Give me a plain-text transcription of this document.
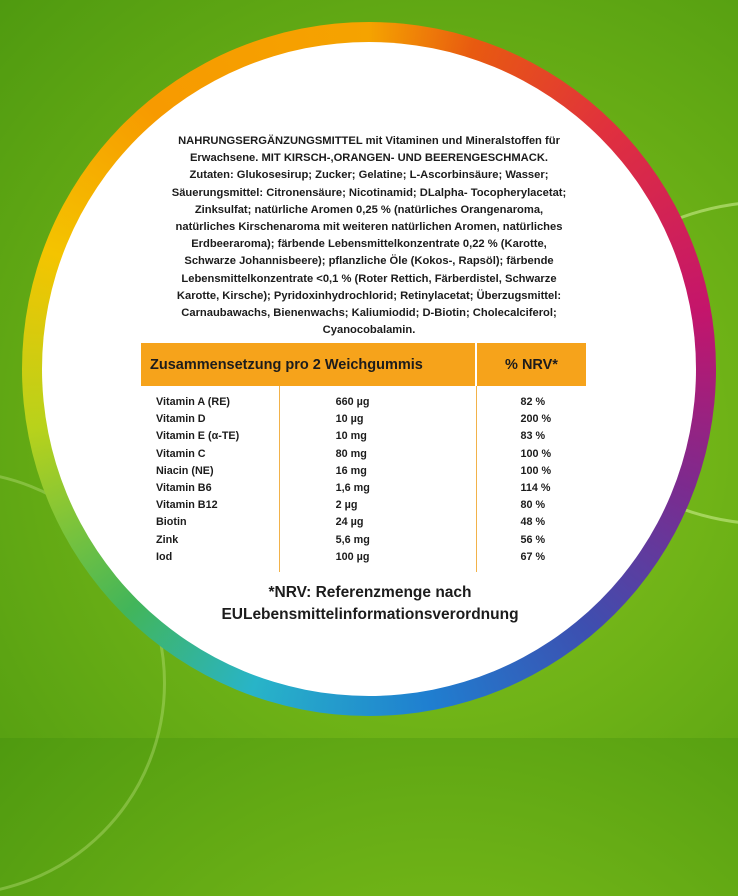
NAHRUNGSERGÄNZUNGSMITTEL mit Vitaminen und Mineralstoffen für Erwachsene. MIT KIRSCH-,ORANGEN- UND BEERENGESCHMACK. Zutaten: Glukosesirup; Zucker; Gelatine; L-Ascorbinsäure; Wasser; Säuerungsmittel: Citronensäure; Nicotinamid; DLalpha- Tocopherylacetat; Zinksulfat; natürliche Aromen 0,25 % (natürliches Orangenaroma, natürliches Kirschenaroma mit weiteren natürlichen Aromen, natürliches Erdbeeraroma); färbende Lebensmittelkonzentrate 0,22 % (Karotte, Schwarze Johannisbeere); pflanzliche Öle (Kokos-, Rapsöl); färbende Lebensmittelkonzentrate <0,1 % (Roter Rettich, Färberdistel, Schwarze Karotte, Kirsche); Pyridoxinhydrochlorid; Retinylacetat; Überzugsmittel: Carnaubawachs, Bienenwachs; Kaliumiodid; D-Biotin; Cholecalciferol; Cyanocobalamin.

Zusammensetzung pro 2 Weichgummis		% NRV*
Vitamin A (RE)	660 µg	82 %
Vitamin D	10 µg	200 %
Vitamin E (α-TE)	10 mg	83 %
Vitamin C	80 mg	100 %
Niacin (NE)	16 mg	100 %
Vitamin B6	1,6 mg	114 %
Vitamin B12	2 µg	80 %
Biotin	24 µg	48 %
Zink	5,6 mg	56 %
Iod	100 µg	67 %

*NRV: Referenzmenge nach
EULebensmittelinformationsverordnung
